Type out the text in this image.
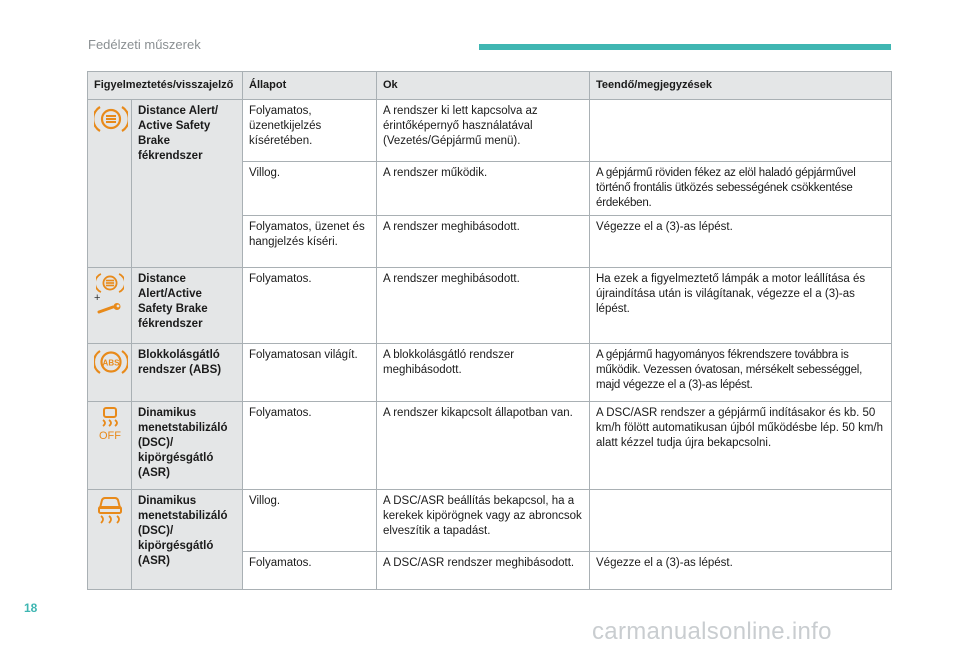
Fedélzeti műszerek
Figyelmeztetés/visszajelző		Állapot	Ok	Teendő/megjegyzések

	Distance Alert/ Active Safety Brake fékrendszer	Folyamatos, üzenetkijelzés kíséretében.	A rendszer ki lett kapcsolva az érintőképernyő használatával (Vezetés/Gépjármű menü).	
		Villog.	A rendszer működik.	A gépjármű röviden fékez az elöl haladó gépjárművel történő frontális ütközés sebességének csökkentése érdekében.
		Folyamatos, üzenet és hangjelzés kíséri.	A rendszer meghibásodott.	Végezze el a (3)-as lépést.

+	Distance Alert/Active Safety Brake fékrendszer	Folyamatos.	A rendszer meghibásodott.	Ha ezek a figyelmeztető lámpák a motor leállítása és újraindítása után is világítanak, végezze el a (3)-as lépést.

ABS	Blokkolásgátló rendszer (ABS)	Folyamatosan világít.	A blokkolásgátló rendszer meghibásodott.	A gépjármű hagyományos fékrendszere továbbra is működik. Vezessen óvatosan, mérsékelt sebességgel, majd végezze el a (3)-as lépést.

OFF	Dinamikus menetstabilizáló (DSC)/ kipörgésgátló (ASR)	Folyamatos.	A rendszer kikapcsolt állapotban van.	A DSC/ASR rendszer a gépjármű indításakor és kb. 50 km/h fölött automatikusan újból működésbe lép. 50 km/h alatt kézzel tudja újra bekapcsolni.

	Dinamikus menetstabilizáló (DSC)/ kipörgésgátló (ASR)	Villog.	A DSC/ASR beállítás bekapcsol, ha a kerekek kipörögnek vagy az abroncsok elveszítik a tapadást.	
		Folyamatos.	A DSC/ASR rendszer meghibásodott.	Végezze el a (3)-as lépést.
18
carmanualsonline.info
